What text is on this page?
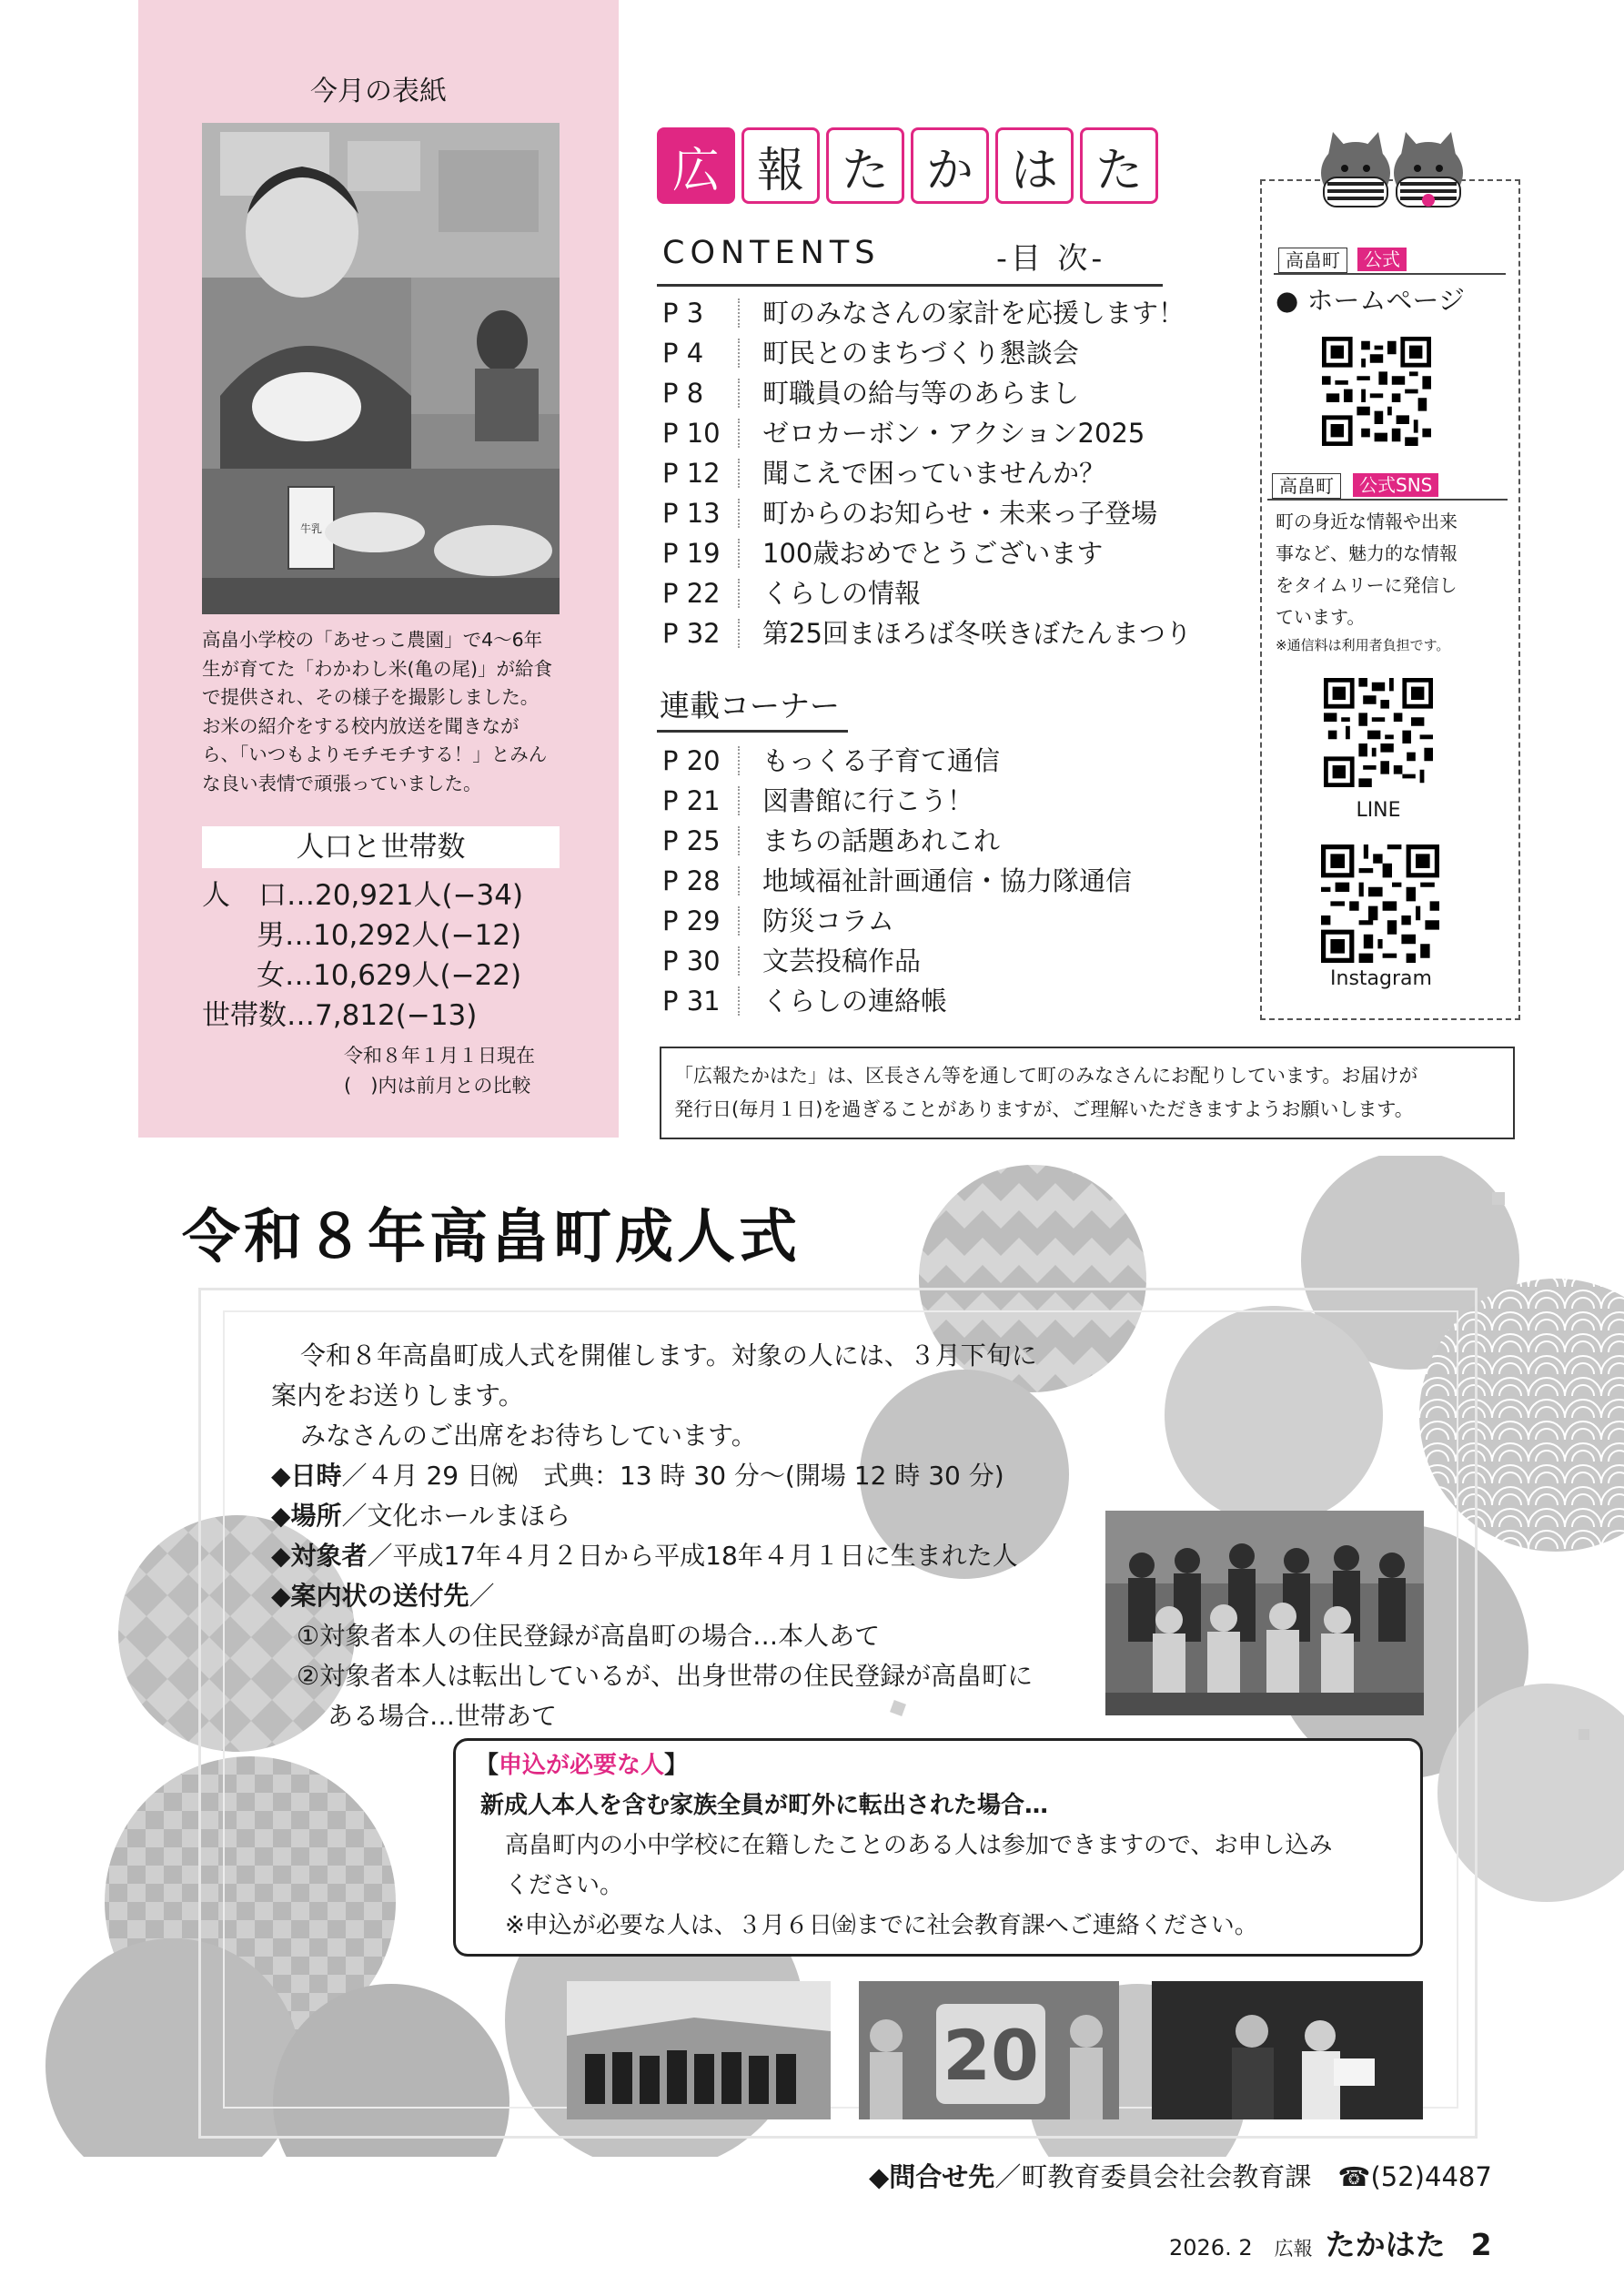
今月の表紙
牛乳
高畠小学校の「あせっこ農園」で4～6年
生が育てた「わかわし米(亀の尾)」が給食
で提供され、その様子を撮影しました。
お米の紹介をする校内放送を聞きなが
ら、「いつもよりモチモチする！」とみん
な良い表情で頑張っていました。
人口と世帯数
人　口…20,921人(−34)
男…10,292人(−12)
女…10,629人(−22)
世帯数…7,812(−13)
令和８年１月１日現在
(　)内は前月との比較
広 報 た か は た
CONTENTS	-目 次-
P 3	町のみなさんの家計を応援します！
P 4	町民とのまちづくり懇談会
P 8	町職員の給与等のあらまし
P 10	ゼロカーボン・アクション2025
P 12	聞こえで困っていませんか？
P 13	町からのお知らせ・未来っ子登場
P 19	100歳おめでとうございます
P 22	くらしの情報
P 32	第25回まほろば冬咲きぼたんまつり
連載コーナー
P 20	もっくる子育て通信
P 21	図書館に行こう！
P 25	まちの話題あれこれ
P 28	地域福祉計画通信・協力隊通信
P 29	防災コラム
P 30	文芸投稿作品
P 31	くらしの連絡帳
高畠町	公式
● ホームページ
高畠町	公式SNS
町の身近な情報や出来
事など、魅力的な情報
をタイムリーに発信し
ています。
※通信料は利用者負担です。
LINE
Instagram
「広報たかはた」は、区長さん等を通して町のみなさんにお配りしています。お届けが
発行日(毎月１日)を過ぎることがありますが、ご理解いただきますようお願いします。
令和８年高畠町成人式
令和８年高畠町成人式を開催します。対象の人には、３月下旬に
案内をお送りします。
みなさんのご出席をお待ちしています。
◆日時／４月 29 日㈷　式典：13 時 30 分～(開場 12 時 30 分)
◆場所／文化ホールまほら
◆対象者／平成17年４月２日から平成18年４月１日に生まれた人
◆案内状の送付先／
①対象者本人の住民登録が高畠町の場合…本人あて
②対象者本人は転出しているが、出身世帯の住民登録が高畠町に
ある場合…世帯あて
【申込が必要な人】
新成人本人を含む家族全員が町外に転出された場合…
高畠町内の小中学校に在籍したことのある人は参加できますので、お申し込み
ください。
※申込が必要な人は、３月６日㈮までに社会教育課へご連絡ください。
20
◆問合せ先／町教育委員会社会教育課　 ☎(52)4487
2026. 2 広報 たかはた 2
